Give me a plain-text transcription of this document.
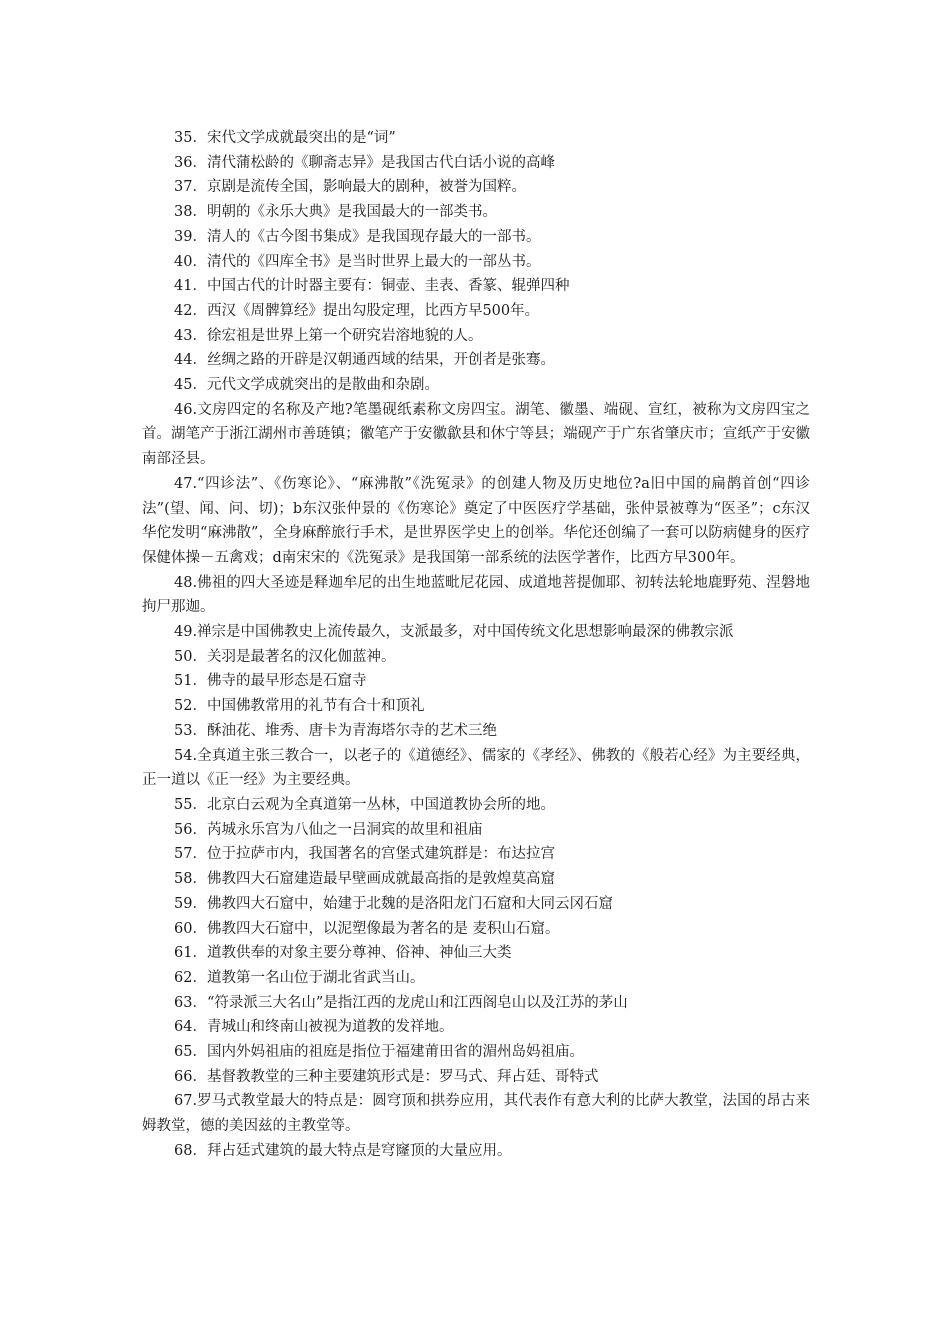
35．宋代文学成就最突出的是“词”

36．清代蒲松龄的《聊斋志异》是我国古代白话小说的高峰

37．京剧是流传全国，影响最大的剧种，被誉为国粹。

38．明朝的《永乐大典》是我国最大的一部类书。

39．清人的《古今图书集成》是我国现存最大的一部书。

40．清代的《四库全书》是当时世界上最大的一部丛书。

41．中国古代的计时器主要有：铜壶、圭表、香篆、辊弹四种

42．西汉《周髀算经》提出勾股定理，比西方早500年。

43．徐宏祖是世界上第一个研究岩溶地貌的人。

44．丝绸之路的开辟是汉朝通西域的结果，开创者是张骞。

45．元代文学成就突出的是散曲和杂剧。

46.文房四定的名称及产地?笔墨砚纸素称文房四宝。湖笔、徽墨、端砚、宣红，被称为文房四宝之首。湖笔产于浙江湖州市善琏镇；徽笔产于安徽歙县和休宁等县；端砚产于广东省肇庆市；宣纸产于安徽南部泾县。

47.“四诊法”、《伤寒论》、“麻沸散”《洗冤录》的创建人物及历史地位?a旧中国的扁鹊首创“四诊法”(望、闻、问、切)；b东汉张仲景的《伤寒论》奠定了中医医疗学基础，张仲景被尊为“医圣”；c东汉华佗发明“麻沸散”，全身麻醉旅行手术，是世界医学史上的创举。华佗还创编了一套可以防病健身的医疗保健体操－五禽戏；d南宋宋的《洗冤录》是我国第一部系统的法医学著作，比西方早300年。

48.佛祖的四大圣迹是释迦牟尼的出生地蓝毗尼花园、成道地菩提伽耶、初转法轮地鹿野苑、涅磐地拘尸那迦。

49.禅宗是中国佛教史上流传最久，支派最多，对中国传统文化思想影响最深的佛教宗派

50．关羽是最著名的汉化伽蓝神。

51．佛寺的最早形态是石窟寺

52．中国佛教常用的礼节有合十和顶礼

53．酥油花、堆秀、唐卡为青海塔尔寺的艺术三绝

54.全真道主张三教合一，以老子的《道德经》、儒家的《孝经》、佛教的《般若心经》为主要经典，正一道以《正一经》为主要经典。

55．北京白云观为全真道第一丛林，中国道教协会所的地。

56．芮城永乐宫为八仙之一吕洞宾的故里和祖庙

57．位于拉萨市内，我国著名的宫堡式建筑群是：布达拉宫

58．佛教四大石窟建造最早壁画成就最高指的是敦煌莫高窟

59．佛教四大石窟中，始建于北魏的是洛阳龙门石窟和大同云冈石窟

60．佛教四大石窟中，以泥塑像最为著名的是 麦积山石窟。

61．道教供奉的对象主要分尊神、俗神、神仙三大类

62．道教第一名山位于湖北省武当山。

63．“符录派三大名山”是指江西的龙虎山和江西阁皂山以及江苏的茅山

64．青城山和终南山被视为道教的发祥地。

65．国内外妈祖庙的祖庭是指位于福建莆田省的湄州岛妈祖庙。

66．基督教教堂的三种主要建筑形式是：罗马式、拜占廷、哥特式

67.罗马式教堂最大的特点是：圆穹顶和拱券应用，其代表作有意大利的比萨大教堂，法国的昂古来姆教堂，德的美因兹的主教堂等。

68．拜占廷式建筑的最大特点是穹窿顶的大量应用。
